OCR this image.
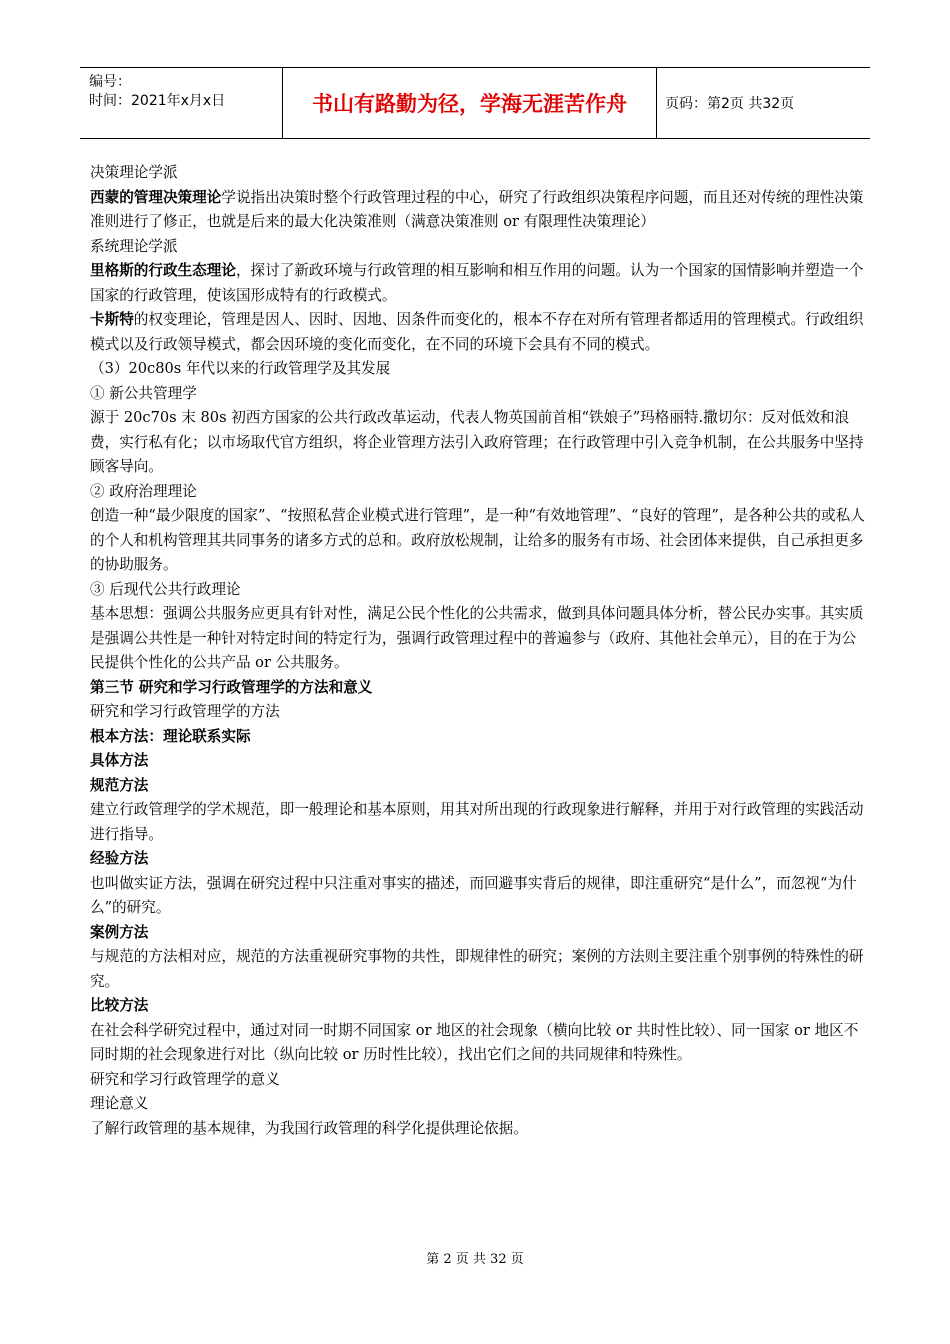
编号：
时间：2021年x月x日	书山有路勤为径，学海无涯苦作舟	页码：第2页 共32页

决策理论学派

西蒙的管理决策理论学说指出决策时整个行政管理过程的中心，研究了行政组织决策程序问题，而且还对传统的理性决策准则进行了修正，也就是后来的最大化决策准则（满意决策准则 or 有限理性决策理论）

系统理论学派

里格斯的行政生态理论，探讨了新政环境与行政管理的相互影响和相互作用的问题。认为一个国家的国情影响并塑造一个国家的行政管理，使该国形成特有的行政模式。

卡斯特的权变理论，管理是因人、因时、因地、因条件而变化的，根本不存在对所有管理者都适用的管理模式。行政组织模式以及行政领导模式，都会因环境的变化而变化，在不同的环境下会具有不同的模式。

（3）20c80s 年代以来的行政管理学及其发展

① 新公共管理学

源于 20c70s 末 80s 初西方国家的公共行政改革运动，代表人物英国前首相“铁娘子”玛格丽特.撒切尔：反对低效和浪费，实行私有化；以市场取代官方组织，将企业管理方法引入政府管理；在行政管理中引入竞争机制，在公共服务中坚持顾客导向。

② 政府治理理论

创造一种“最少限度的国家”、“按照私营企业模式进行管理”，是一种“有效地管理”、“良好的管理”，是各种公共的或私人的个人和机构管理其共同事务的诸多方式的总和。政府放松规制，让给多的服务有市场、社会团体来提供，自己承担更多的协助服务。

③ 后现代公共行政理论

基本思想：强调公共服务应更具有针对性，满足公民个性化的公共需求，做到具体问题具体分析，替公民办实事。其实质是强调公共性是一种针对特定时间的特定行为，强调行政管理过程中的普遍参与（政府、其他社会单元），目的在于为公民提供个性化的公共产品 or 公共服务。

第三节 研究和学习行政管理学的方法和意义

研究和学习行政管理学的方法

根本方法：理论联系实际

具体方法

规范方法

建立行政管理学的学术规范，即一般理论和基本原则，用其对所出现的行政现象进行解释，并用于对行政管理的实践活动进行指导。

经验方法

也叫做实证方法，强调在研究过程中只注重对事实的描述，而回避事实背后的规律，即注重研究“是什么”，而忽视“为什么”的研究。

案例方法

与规范的方法相对应，规范的方法重视研究事物的共性，即规律性的研究；案例的方法则主要注重个别事例的特殊性的研究。

比较方法

在社会科学研究过程中，通过对同一时期不同国家 or 地区的社会现象（横向比较 or 共时性比较）、同一国家 or 地区不同时期的社会现象进行对比（纵向比较 or 历时性比较），找出它们之间的共同规律和特殊性。

研究和学习行政管理学的意义

理论意义

了解行政管理的基本规律，为我国行政管理的科学化提供理论依据。

第 2 页 共 32 页
